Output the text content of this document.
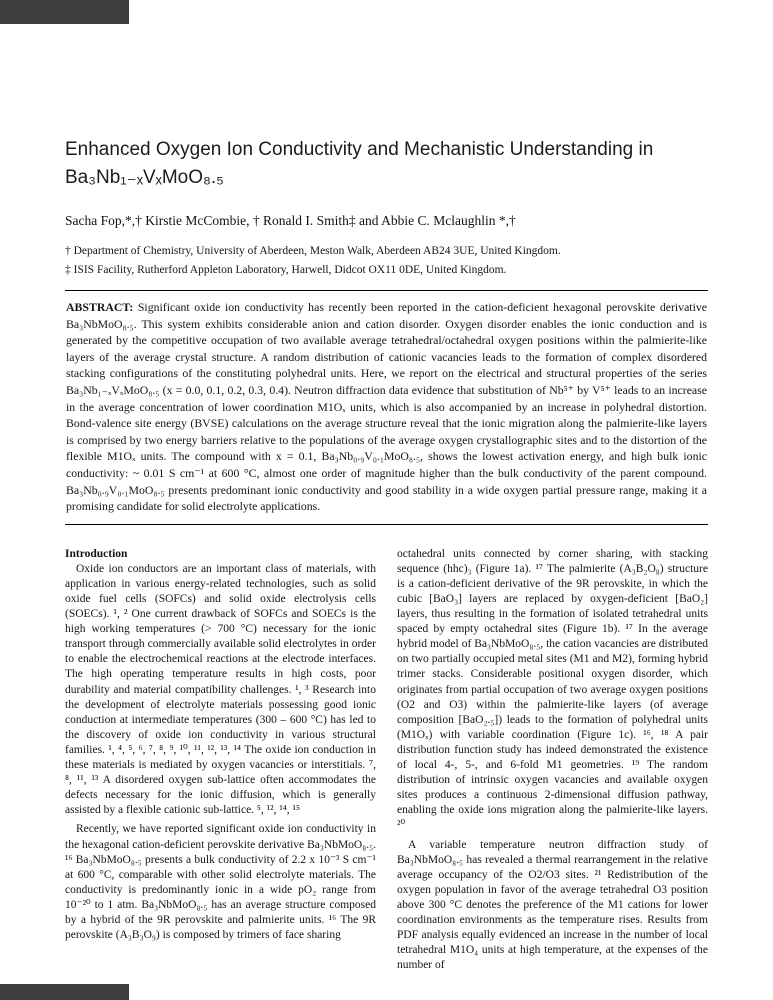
Enhanced Oxygen Ion Conductivity and Mechanistic Understanding in
Ba₃Nb₁₋ₓVₓMoO₈.₅
Sacha Fop,*,† Kirstie McCombie, † Ronald I. Smith‡ and Abbie C. Mclaughlin *,†
† Department of Chemistry, University of Aberdeen, Meston Walk, Aberdeen AB24 3UE, United Kingdom.
‡ ISIS Facility, Rutherford Appleton Laboratory, Harwell, Didcot OX11 0DE, United Kingdom.
ABSTRACT: Significant oxide ion conductivity has recently been reported in the cation-deficient hexagonal perovskite derivative Ba₃NbMoO₈.₅. This system exhibits considerable anion and cation disorder. Oxygen disorder enables the ionic conduction and is generated by the competitive occupation of two available average tetrahedral/octahedral oxygen positions within the palmierite-like layers of the average crystal structure. A random distribution of cationic vacancies leads to the formation of complex disordered stacking configurations of the constituting polyhedral units. Here, we report on the electrical and structural properties of the series Ba₃Nb₁₋ₓVₓMoO₈.₅ (x = 0.0, 0.1, 0.2, 0.3, 0.4). Neutron diffraction data evidence that substitution of Nb⁵⁺ by V⁵⁺ leads to an increase in the average concentration of lower coordination M1Oₓ units, which is also accompanied by an increase in polyhedral distortion. Bond-valence site energy (BVSE) calculations on the average structure reveal that the ionic migration along the palmierite-like layers is comprised by two energy barriers relative to the populations of the average oxygen crystallographic sites and to the distortion of the flexible M1Oₓ units. The compound with x = 0.1, Ba₃Nb₀.₉V₀.₁MoO₈.₅, shows the lowest activation energy, and high bulk ionic conductivity: ~ 0.01 S cm⁻¹ at 600 °C, almost one order of magnitude higher than the bulk conductivity of the parent compound. Ba₃Nb₀.₉V₀.₁MoO₈.₅ presents predominant ionic conductivity and good stability in a wide oxygen partial pressure range, making it a promising candidate for solid electrolyte applications.

Introduction

Oxide ion conductors are an important class of materials, with application in various energy-related technologies, such as solid oxide fuel cells (SOFCs) and solid oxide electrolysis cells (SOECs). ¹, ² One current drawback of SOFCs and SOECs is the high working temperatures (> 700 °C) necessary for the ionic transport through commercially available solid electrolytes in order to enable the electrochemical reactions at the electrode interfaces. The high operating temperature results in high costs, poor durability and material compatibility challenges. ¹, ³ Research into the development of electrolyte materials possessing good ionic conduction at intermediate temperatures (300 – 600 °C) has led to the discovery of oxide ion conductivity in various structural families. ¹, ⁴, ⁵, ⁶, ⁷, ⁸, ⁹, ¹⁰, ¹¹, ¹², ¹³, ¹⁴ The oxide ion conduction in these materials is mediated by oxygen vacancies or interstitials. ⁷, ⁸, ¹¹, ¹³ A disordered oxygen sub-lattice often accommodates the defects necessary for the ionic diffusion, which is generally assisted by a flexible cationic sub-lattice. ⁵, ¹², ¹⁴, ¹⁵

Recently, we have reported significant oxide ion conductivity in the hexagonal cation-deficient perovskite derivative Ba₃NbMoO₈.₅. ¹⁶ Ba₃NbMoO₈.₅ presents a bulk conductivity of 2.2 x 10⁻³ S cm⁻¹ at 600 °C, comparable with other solid electrolyte materials. The conductivity is predominantly ionic in a wide pO₂ range from 10⁻²⁰ to 1 atm. Ba₃NbMoO₈.₅ has an average structure composed by a hybrid of the 9R perovskite and palmierite units. ¹⁶ The 9R perovskite (A₃B₃O₉) is composed by trimers of face sharing

octahedral units connected by corner sharing, with stacking sequence (hhc)₃ (Figure 1a). ¹⁷ The palmierite (A₃B₂O₈) structure is a cation-deficient derivative of the 9R perovskite, in which the cubic [BaO₃] layers are replaced by oxygen-deficient [BaO₂] layers, thus resulting in the formation of isolated tetrahedral units spaced by empty octahedral sites (Figure 1b). ¹⁷ In the average hybrid model of Ba₃NbMoO₈.₅, the cation vacancies are distributed on two partially occupied metal sites (M1 and M2), forming hybrid trimer stacks. Considerable positional oxygen disorder, which originates from partial occupation of two average oxygen positions (O2 and O3) within the palmierite-like layers (of average composition [BaO₂.₅]) leads to the formation of polyhedral units (M1Oₓ) with variable coordination (Figure 1c). ¹⁶, ¹⁸ A pair distribution function study has indeed demonstrated the existence of local 4-, 5-, and 6-fold M1 geometries. ¹⁹ The random distribution of intrinsic oxygen vacancies and available oxygen sites produces a continuous 2-dimensional diffusion pathway, enabling the oxide ions migration along the palmierite-like layers. ²⁰

A variable temperature neutron diffraction study of Ba₃NbMoO₈.₅ has revealed a thermal rearrangement in the relative average occupancy of the O2/O3 sites. ²¹ Redistribution of the oxygen population in favor of the average tetrahedral O3 position above 300 °C denotes the preference of the M1 cations for lower coordination environments as the temperature rises. Results from PDF analysis equally evidenced an increase in the number of local tetrahedral M1O₄ units at high temperature, at the expenses of the number of
